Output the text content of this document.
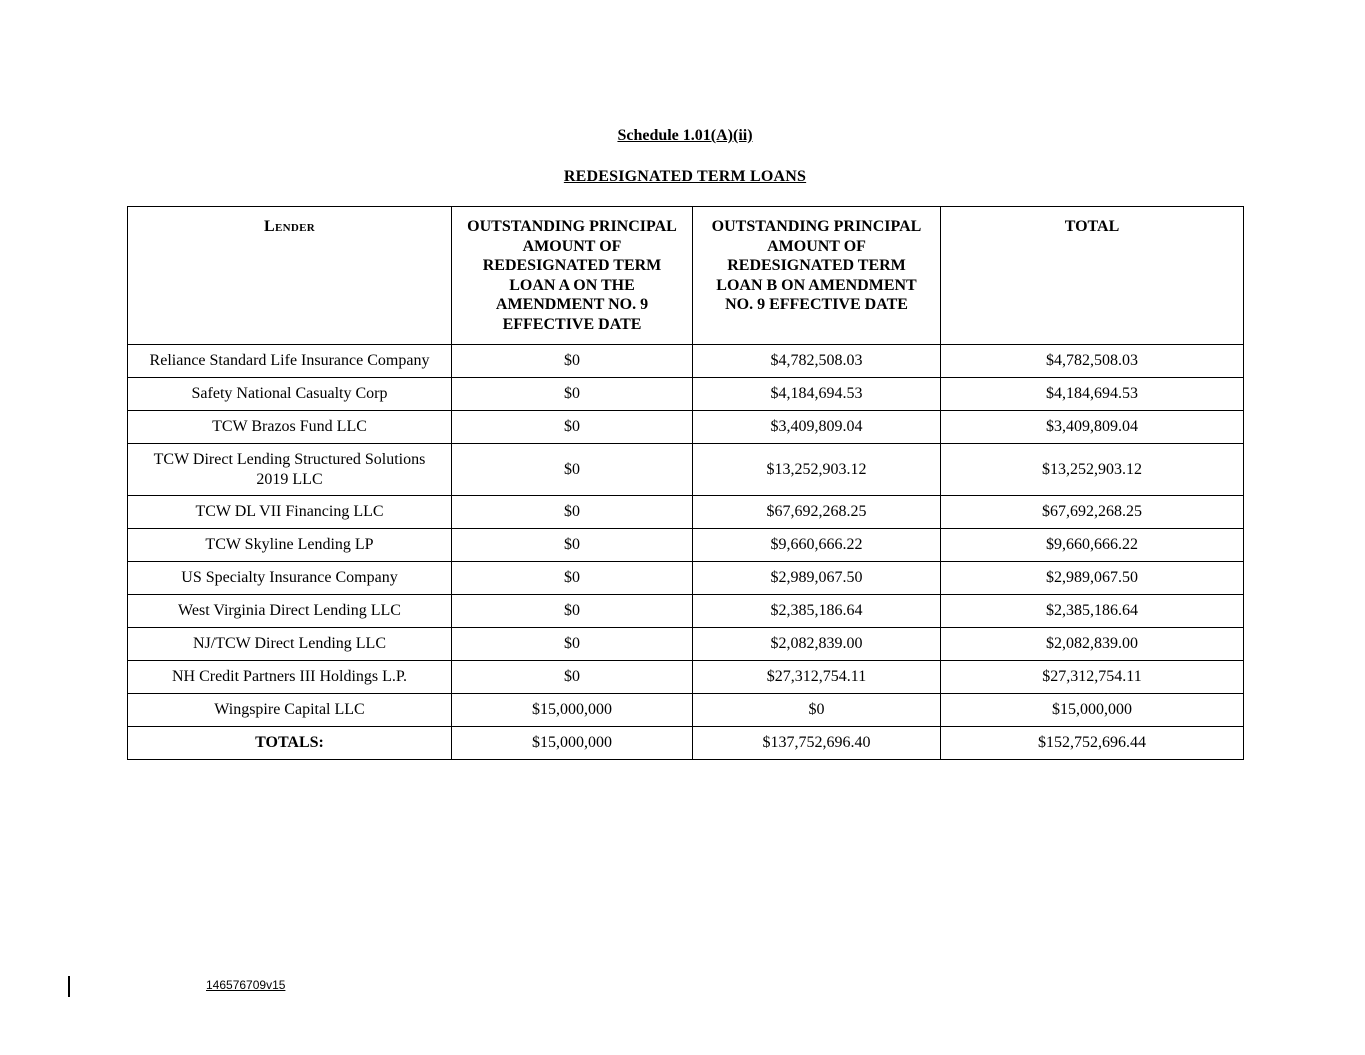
Schedule 1.01(A)(ii)
REDESIGNATED TERM LOANS
Lender	OUTSTANDING PRINCIPAL AMOUNT OF REDESIGNATED TERM LOAN A ON THE AMENDMENT NO. 9 EFFECTIVE DATE	OUTSTANDING PRINCIPAL AMOUNT OF REDESIGNATED TERM LOAN B ON AMENDMENT NO. 9 EFFECTIVE DATE	TOTAL
Reliance Standard Life Insurance Company	$0	$4,782,508.03	$4,782,508.03
Safety National Casualty Corp	$0	$4,184,694.53	$4,184,694.53
TCW Brazos Fund LLC	$0	$3,409,809.04	$3,409,809.04
TCW Direct Lending Structured Solutions 2019 LLC	$0	$13,252,903.12	$13,252,903.12
TCW DL VII Financing LLC	$0	$67,692,268.25	$67,692,268.25
TCW Skyline Lending LP	$0	$9,660,666.22	$9,660,666.22
US Specialty Insurance Company	$0	$2,989,067.50	$2,989,067.50
West Virginia Direct Lending LLC	$0	$2,385,186.64	$2,385,186.64
NJ/TCW Direct Lending LLC	$0	$2,082,839.00	$2,082,839.00
NH Credit Partners III Holdings L.P.	$0	$27,312,754.11	$27,312,754.11
Wingspire Capital LLC	$15,000,000	$0	$15,000,000
TOTALS:	$15,000,000	$137,752,696.40	$152,752,696.44
146576709v15
